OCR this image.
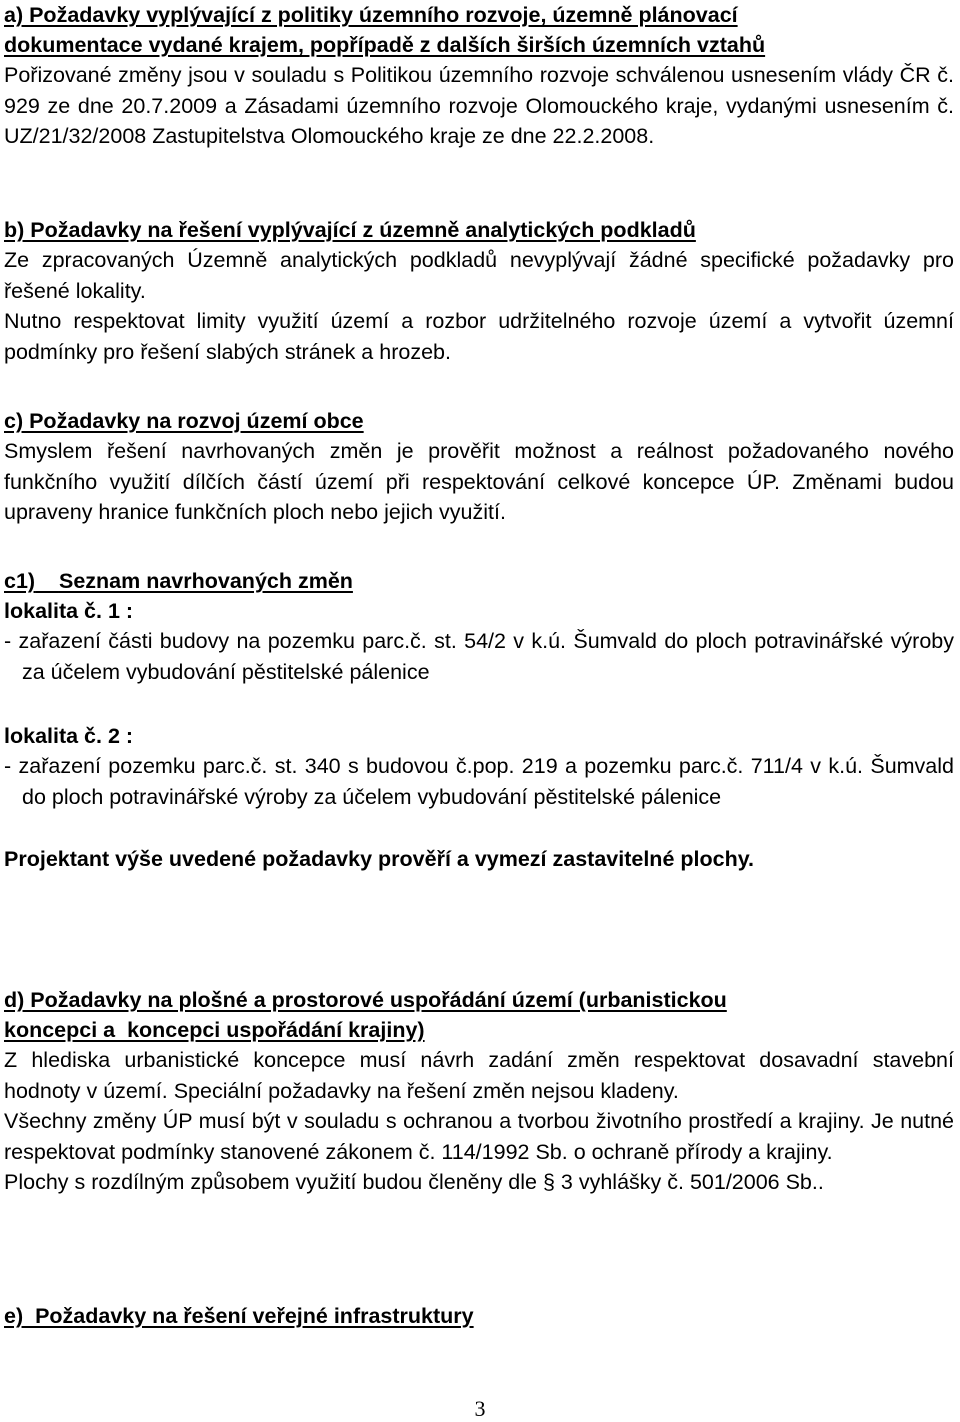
a) Požadavky vyplývající z politiky územního rozvoje, územně plánovací

dokumentace vydané krajem, popřípadě z dalších širších územních vztahů

Pořizované změny jsou v souladu s Politikou územního rozvoje schválenou usnesením vlády ČR č. 929 ze dne 20.7.2009 a Zásadami územního rozvoje Olomouckého kraje, vydanými usnesením č. UZ/21/32/2008 Zastupitelstva Olomouckého kraje ze dne 22.2.2008.

b) Požadavky na řešení vyplývající z územně analytických podkladů

Ze zpracovaných Územně analytických podkladů nevyplývají žádné specifické požadavky pro řešené lokality.

Nutno respektovat limity využití území a rozbor udržitelného rozvoje území a vytvořit územní podmínky pro řešení slabých stránek a hrozeb.

c) Požadavky na rozvoj území obce

Smyslem řešení navrhovaných změn je prověřit možnost a reálnost požadovaného nového funkčního využití dílčích částí území při respektování celkové koncepce ÚP. Změnami budou upraveny hranice funkčních ploch nebo jejich využití.

c1) Seznam navrhovaných změn

lokalita č. 1 :

- zařazení části budovy na pozemku parc.č. st. 54/2 v k.ú. Šumvald do ploch potravinářské výroby za účelem vybudování pěstitelské pálenice

lokalita č. 2 :

- zařazení pozemku parc.č. st. 340 s budovou č.pop. 219 a pozemku parc.č. 711/4 v k.ú. Šumvald do ploch potravinářské výroby za účelem vybudování pěstitelské pálenice

Projektant výše uvedené požadavky prověří a vymezí zastavitelné plochy.

d) Požadavky na plošné a prostorové uspořádání území (urbanistickou

koncepci a  koncepci uspořádání krajiny)

Z hlediska urbanistické koncepce musí návrh zadání změn respektovat dosavadní stavební hodnoty v území. Speciální požadavky na řešení změn nejsou kladeny.

Všechny změny ÚP musí být v souladu s ochranou a tvorbou životního prostředí a krajiny. Je nutné respektovat podmínky stanovené zákonem č. 114/1992 Sb. o ochraně přírody a krajiny.

Plochy s rozdílným způsobem využití budou členěny dle § 3 vyhlášky č. 501/2006 Sb..

e)  Požadavky na řešení veřejné infrastruktury

3
